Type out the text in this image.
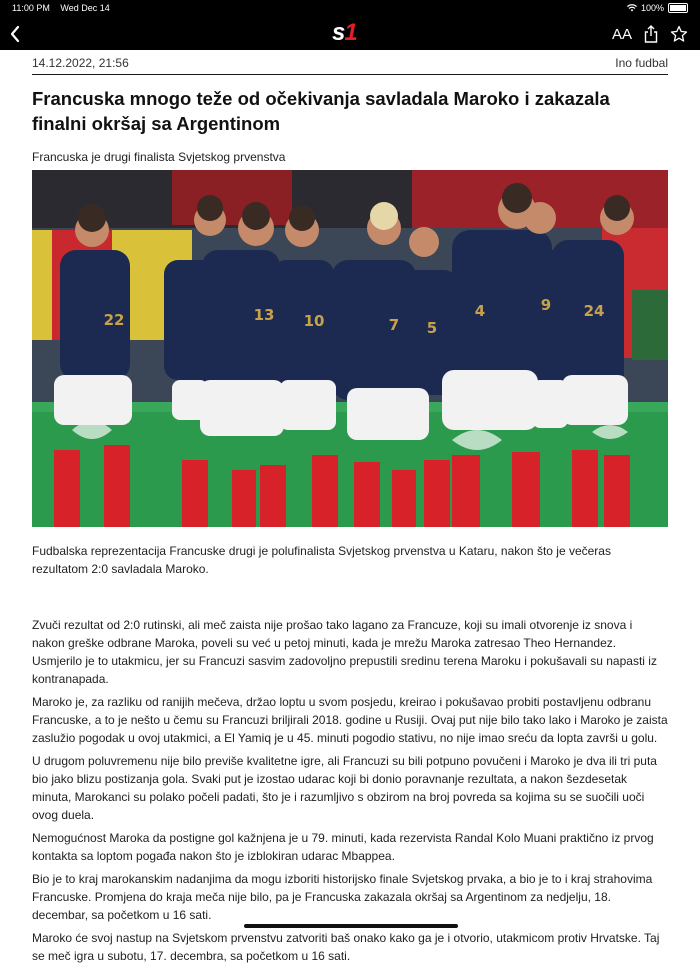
11:00 PM Wed Dec 14	100%
s 1	AA
14.12.2022, 21:56	Ino fudbal
Francuska mnogo teže od očekivanja savladala Maroko i zakazala finalni okršaj sa Argentinom
Francuska je drugi finalista Svjetskog prvenstva
22	13 10	7 5
4	9 24

Fudbalska reprezentacija Francuske drugi je polufinalista Svjetskog prvenstva u Kataru, nakon što je večeras rezultatom 2:0 savladala Maroko.

Zvuči rezultat od 2:0 rutinski, ali meč zaista nije prošao tako lagano za Francuze, koji su imali otvorenje iz snova i nakon greške odbrane Maroka, poveli su već u petoj minuti, kada je mrežu Maroka zatresao Theo Hernandez. Usmjerilo je to utakmicu, jer su Francuzi sasvim zadovoljno prepustili sredinu terena Maroku i pokušavali su napasti iz kontranapada.

Maroko je, za razliku od ranijih mečeva, držao loptu u svom posjedu, kreirao i pokušavao probiti postavljenu odbranu Francuske, a to je nešto u čemu su Francuzi briljirali 2018. godine u Rusiji. Ovaj put nije bilo tako lako i Maroko je zaista zaslužio pogodak u ovoj utakmici, a El Yamiq je u 45. minuti pogodio stativu, no nije imao sreću da lopta završi u golu.

U drugom poluvremenu nije bilo previše kvalitetne igre, ali Francuzi su bili potpuno povučeni i Maroko je dva ili tri puta bio jako blizu postizanja gola. Svaki put je izostao udarac koji bi donio poravnanje rezultata, a nakon šezdesetak minuta, Marokanci su polako počeli padati, što je i razumljivo s obzirom na broj povreda sa kojima su se suočili uoči ovog duela.

Nemogućnost Maroka da postigne gol kažnjena je u 79. minuti, kada rezervista Randal Kolo Muani praktično iz prvog kontakta sa loptom pogađa nakon što je izblokiran udarac Mbappea.

Bio je to kraj marokanskim nadanjima da mogu izboriti historijsko finale Svjetskog prvaka, a bio je to i kraj strahovima Francuske. Promjena do kraja meča nije bilo, pa je Francuska zakazala okršaj sa Argentinom za nedjelju, 18. decembar, sa početkom u 16 sati.

Maroko će svoj nastup na Svjetskom prvenstvu zatvoriti baš onako kako ga je i otvorio, utakmicom protiv Hrvatske. Taj se meč igra u subotu, 17. decembra, sa početkom u 16 sati.
